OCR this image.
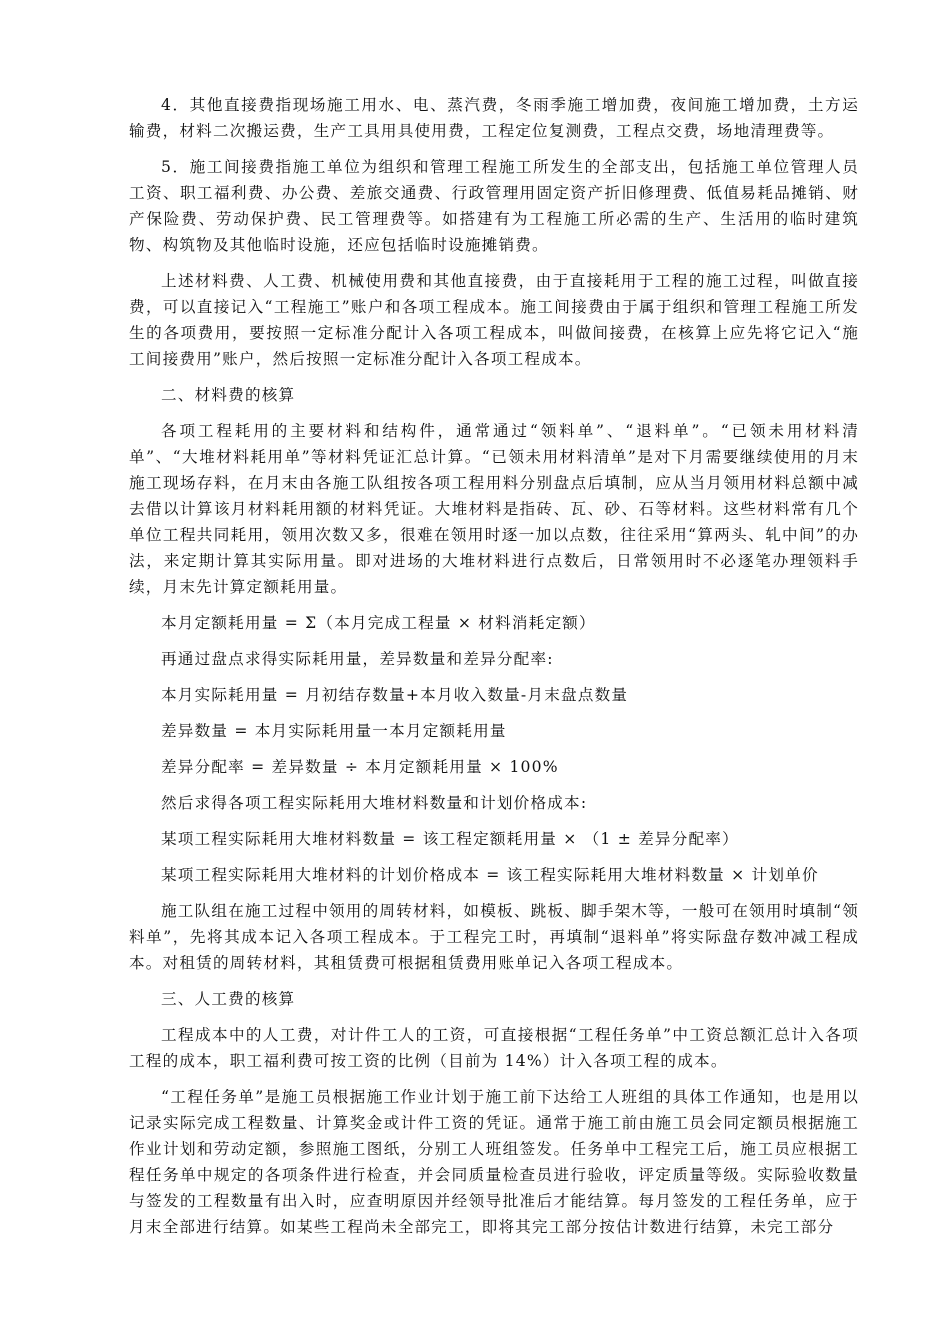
4．其他直接费指现场施工用水、电、蒸汽费，冬雨季施工增加费，夜间施工增加费，土方运输费，材料二次搬运费，生产工具用具使用费，工程定位复测费，工程点交费，场地清理费等。

5．施工间接费指施工单位为组织和管理工程施工所发生的全部支出，包括施工单位管理人员工资、职工福利费、办公费、差旅交通费、行政管理用固定资产折旧修理费、低值易耗品摊销、财产保险费、劳动保护费、民工管理费等。如搭建有为工程施工所必需的生产、生活用的临时建筑物、构筑物及其他临时设施，还应包括临时设施摊销费。

上述材料费、人工费、机械使用费和其他直接费，由于直接耗用于工程的施工过程，叫做直接费，可以直接记入“工程施工”账户和各项工程成本。施工间接费由于属于组织和管理工程施工所发生的各项费用，要按照一定标准分配计入各项工程成本，叫做间接费，在核算上应先将它记入“施工间接费用”账户，然后按照一定标准分配计入各项工程成本。

二、材料费的核算

各项工程耗用的主要材料和结构件，通常通过“领料单”、“退料单”。“已领未用材料清单”、“大堆材料耗用单”等材料凭证汇总计算。“已领未用材料清单”是对下月需要继续使用的月末施工现场存料，在月末由各施工队组按各项工程用料分别盘点后填制，应从当月领用材料总额中减去借以计算该月材料耗用额的材料凭证。大堆材料是指砖、瓦、砂、石等材料。这些材料常有几个单位工程共同耗用，领用次数又多，很难在领用时逐一加以点数，往往采用“算两头、轧中间”的办法，来定期计算其实际用量。即对进场的大堆材料进行点数后，日常领用时不必逐笔办理领料手续，月末先计算定额耗用量。

本月定额耗用量 = Σ（本月完成工程量 × 材料消耗定额）

再通过盘点求得实际耗用量，差异数量和差异分配率:

本月实际耗用量 = 月初结存数量+本月收入数量-月末盘点数量

差异数量 = 本月实际耗用量一本月定额耗用量

差异分配率 = 差异数量 ÷ 本月定额耗用量 × 100%

然后求得各项工程实际耗用大堆材料数量和计划价格成本:

某项工程实际耗用大堆材料数量 = 该工程定额耗用量 × （1 ± 差异分配率）

某项工程实际耗用大堆材料的计划价格成本 = 该工程实际耗用大堆材料数量 × 计划单价

施工队组在施工过程中领用的周转材料，如模板、跳板、脚手架木等，一般可在领用时填制“领料单”，先将其成本记入各项工程成本。于工程完工时，再填制“退料单”将实际盘存数冲减工程成本。对租赁的周转材料，其租赁费可根据租赁费用账单记入各项工程成本。

三、人工费的核算

工程成本中的人工费，对计件工人的工资，可直接根据“工程任务单”中工资总额汇总计入各项工程的成本，职工福利费可按工资的比例（目前为 14%）计入各项工程的成本。

“工程任务单”是施工员根据施工作业计划于施工前下达给工人班组的具体工作通知，也是用以记录实际完成工程数量、计算奖金或计件工资的凭证。通常于施工前由施工员会同定额员根据施工作业计划和劳动定额，参照施工图纸，分别工人班组签发。任务单中工程完工后，施工员应根据工程任务单中规定的各项条件进行检查，并会同质量检查员进行验收，评定质量等级。实际验收数量与签发的工程数量有出入时，应查明原因并经领导批准后才能结算。每月签发的工程任务单，应于月末全部进行结算。如某些工程尚未全部完工，即将其完工部分按估计数进行结算，未完工部分
